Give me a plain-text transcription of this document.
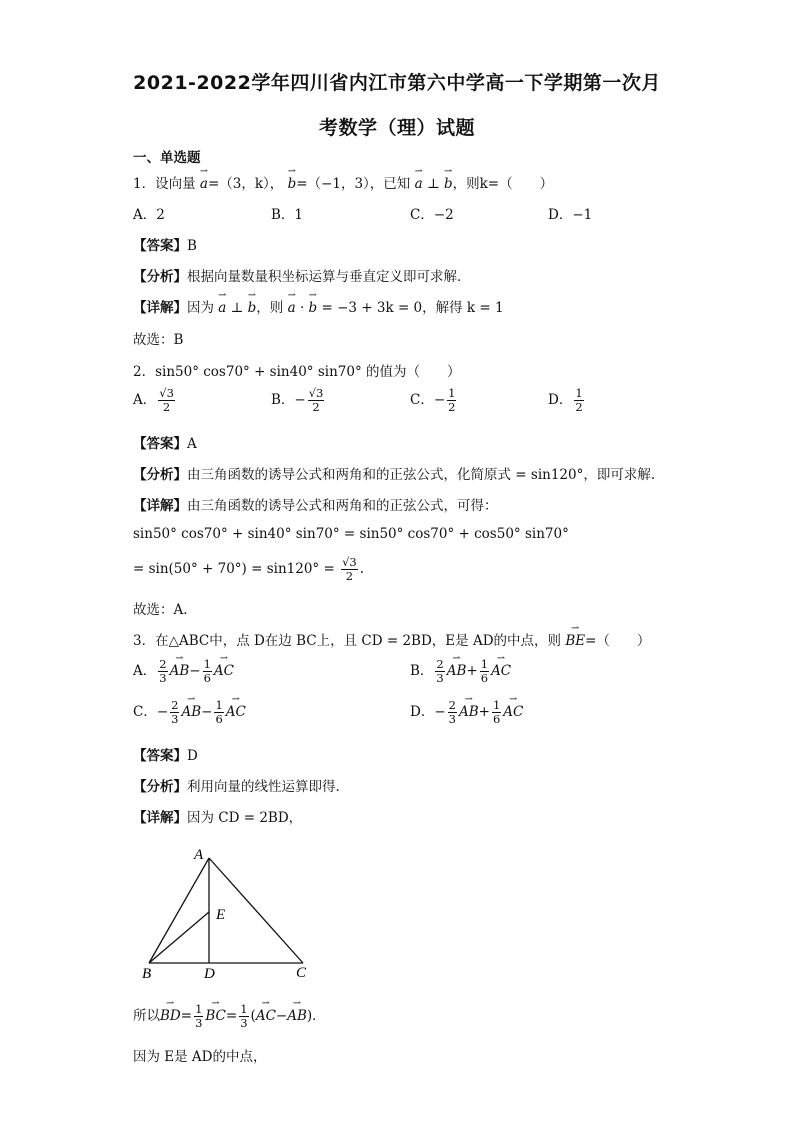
2021-2022学年四川省内江市第六中学高一下学期第一次月
考数学（理）试题
一、单选题
1．设向量 ⇀ a=（3，k）， ⇀ b=（−1，3），已知 ⇀ a ⊥ ⇀ b，则k=（　　）
A．2	B．1	C．−2	D．−1
【答案】B
【分析】根据向量数量积坐标运算与垂直定义即可求解．
【详解】因为 ⇀ a ⊥ ⇀ b，则 ⇀ a · ⇀ b = −3 + 3k = 0，解得 k = 1
故选：B
2．sin50° cos70° + sin40° sin70° 的值为（　　）
A． $\frac{√3}{2}$	B．− $\frac{√3}{2}$	C．− $\frac{1}{2}$	D． $\frac{1}{2}$
【答案】A
【分析】由三角函数的诱导公式和两角和的正弦公式，化简原式 = sin120°，即可求解.
【详解】由三角函数的诱导公式和两角和的正弦公式，可得：
sin50° cos70° + sin40° sin70° = sin50° cos70° + cos50° sin70°
= $\sin(50^\circ + 70^\circ) = \sin 120^\circ = \frac{√3}{2}$ .
故选：A.
3．在△ABC中，点 D在边 BC上，且 CD = 2BD，E是 AD的中点，则 ⇀ BE=（　　）
A． $\frac{2}{3}$ ⇀ $AB- \frac{1}{6}$ ⇀ AC	B． $\frac{2}{3}$ ⇀ $AB+ \frac{1}{6}$ ⇀ AC
C．− $\frac{2}{3}$ ⇀ $AB- \frac{1}{6}$ ⇀ AC	D．− $\frac{2}{3}$ ⇀ $AB+ \frac{1}{6}$ ⇀ AC
【答案】D
【分析】利用向量的线性运算即得.
【详解】因为 CD = 2BD，
A
B	C
D
E
所以⇀ $BD= \frac{1}{3}$ ⇀ $BC= \frac{1}{3}$ (⇀ AC−⇀ AB)．
因为 E是 AD的中点，
